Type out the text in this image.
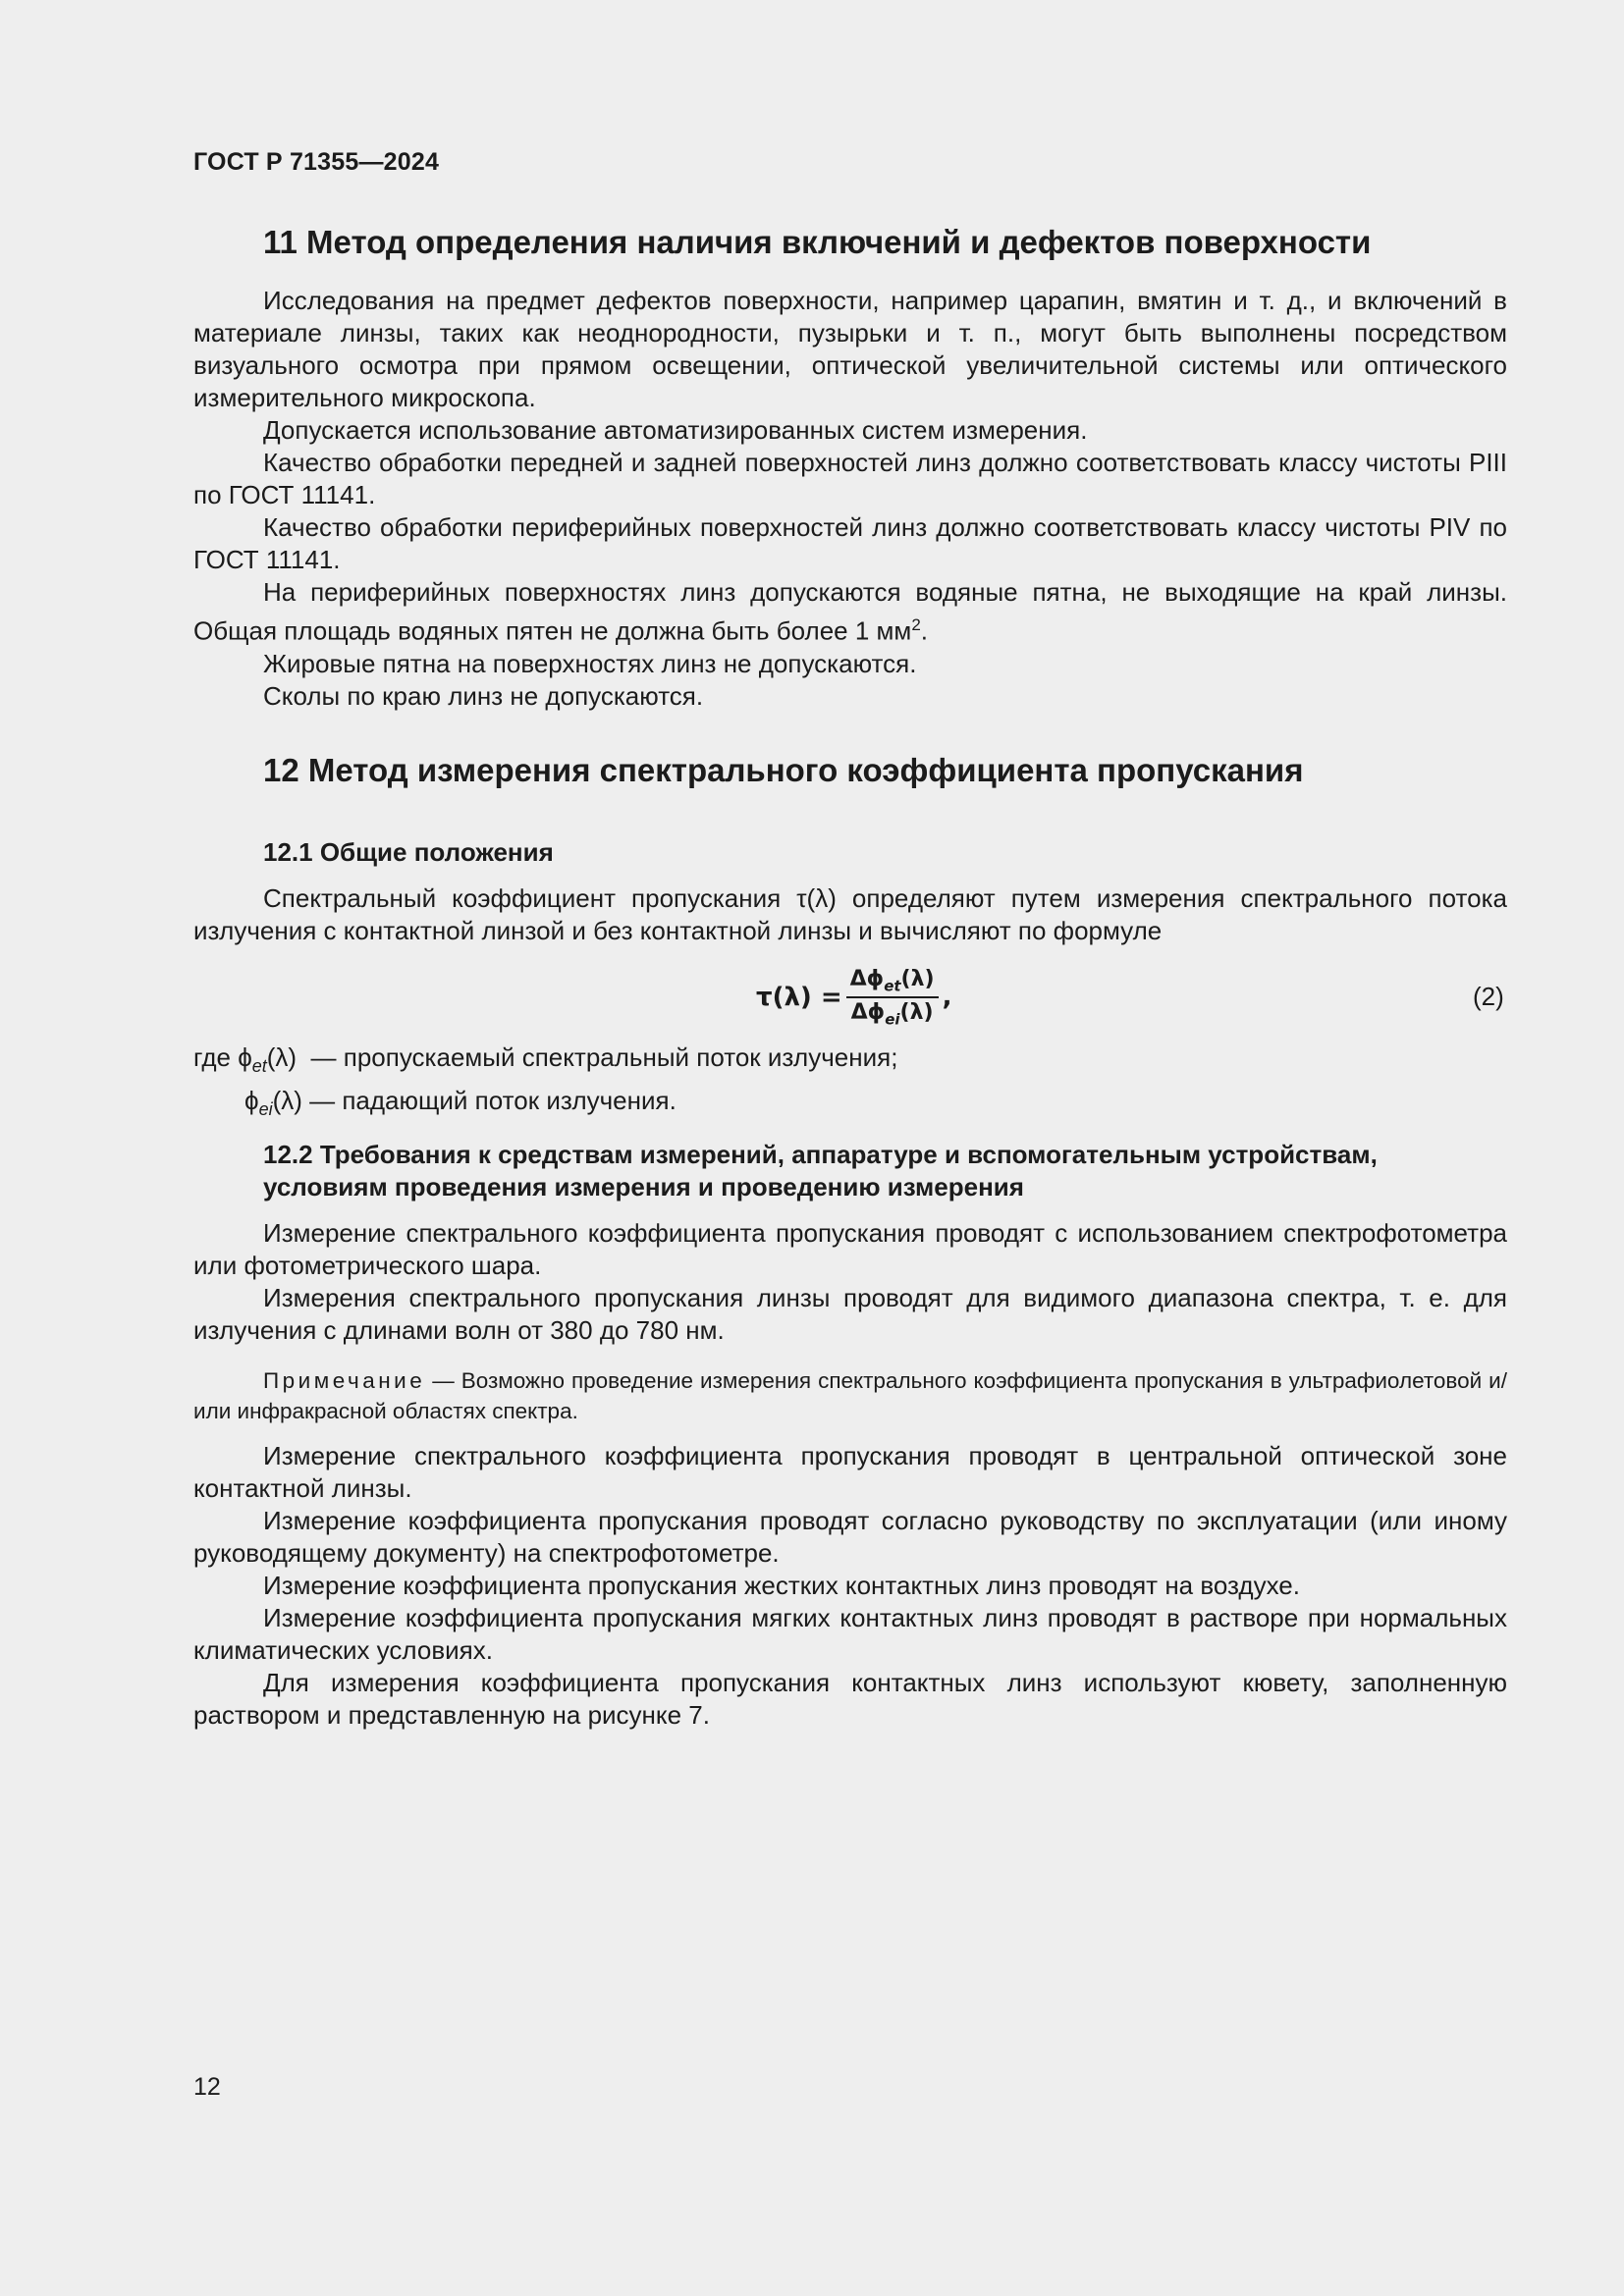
ГОСТ Р 71355—2024
11 Метод определения наличия включений и дефектов поверхности

Исследования на предмет дефектов поверхности, например царапин, вмятин и т. д., и включений в материале линзы, таких как неоднородности, пузырьки и т. п., могут быть выполнены посредством визуального осмотра при прямом освещении, оптической увеличительной системы или оптического измерительного микроскопа.

Допускается использование автоматизированных систем измерения.

Качество обработки передней и задней поверхностей линз должно соответствовать классу чистоты PIII по ГОСТ 11141.

Качество обработки периферийных поверхностей линз должно соответствовать классу чистоты PIV по ГОСТ 11141.

На периферийных поверхностях линз допускаются водяные пятна, не выходящие на край линзы. Общая площадь водяных пятен не должна быть более 1 $мм^2$.

Жировые пятна на поверхностях линз не допускаются.

Сколы по краю линз не допускаются.

12 Метод измерения спектрального коэффициента пропускания
12.1 Общие положения

Спектральный коэффициент пропускания τ(λ) определяют путем измерения спектрального потока излучения с контактной линзой и без контактной линзы и вычисляют по формуле

$\tau(\lambda) = \frac{\Delta\phi_{et}(\lambda)}{\Delta\phi_{ei}(\lambda)}$ ,	(2)
где $\phi_{et}(\lambda)$  — пропускаемый спектральный поток излучения;
$\phi_{ei}(\lambda)$ — падающий поток излучения.
12.2 Требования к средствам измерений, аппаратуре и вспомогательным устройствам,
условиям проведения измерения и проведению измерения

Измерение спектрального коэффициента пропускания проводят с использованием спектрофотометра или фотометрического шара.

Измерения спектрального пропускания линзы проводят для видимого диапазона спектра, т. е. для излучения с длинами волн от 380 до 780 нм.

Примечание — Возможно проведение измерения спектрального коэффициента пропускания в ультрафиолетовой и/или инфракрасной областях спектра.

Измерение спектрального коэффициента пропускания проводят в центральной оптической зоне контактной линзы.

Измерение коэффициента пропускания проводят согласно руководству по эксплуатации (или иному руководящему документу) на спектрофотометре.

Измерение коэффициента пропускания жестких контактных линз проводят на воздухе.

Измерение коэффициента пропускания мягких контактных линз проводят в растворе при нормальных климатических условиях.

Для измерения коэффициента пропускания контактных линз используют кювету, заполненную раствором и представленную на рисунке 7.

12
